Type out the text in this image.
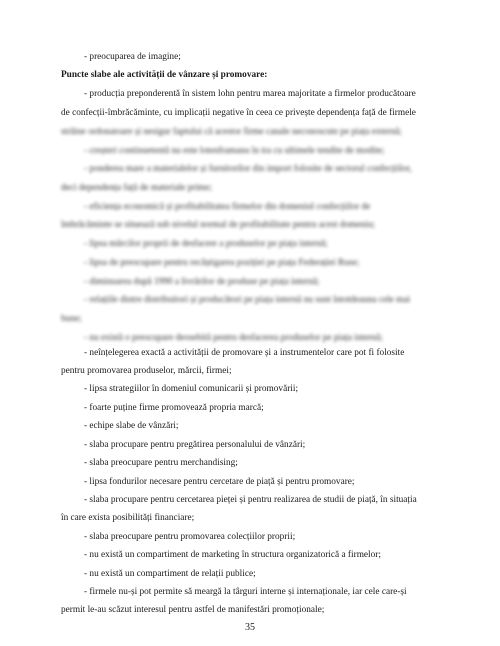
- preocuparea de imagine;
Puncte slabe ale activității de vânzare și promovare:
- producția preponderentă în sistem lohn pentru marea majoritate a firmelor producătoare
de confecții-îmbrăcăminte, cu implicații negative în ceea ce privește dependența față de firmele
străine ordonatoare și nesigur faptului că acestor firme canale neconoscute pe piața externă;
- creșteri continuetentă nu este lotenframanu în tra cu ultimele tendite de modite;
- ponderea mare a materialelor și furnitorilor din import folosite de sectorul confecțiilor,
deci dependența față de materiale prime;
- eficiența economică și profitabilitatea firmelor din domeniul confecțiilor de
îmbrăcăminte se situează sub nivelul normal de profitabilitate pentru acest domeniu;
- lipsa mărcilor proprii de desfacere a produselor pe piața internă;
- lipsa de preocupare pentru recâștigarea poziției pe piața Federației Ruse;
- diminuarea după 1990 a livrărilor de produse pe piața internă;
- relațiile dintre distribuitori și producători pe piața internă nu sunt întotdeauna cele mai
bune;
- nu există o preocupare deosebită pentru desfacerea produselor pe piața internă;
- neînțelegerea exactă a activității de promovare și a instrumentelor care pot fi folosite
pentru promovarea produselor, mărcii, firmei;
- lipsa strategiilor în domeniul comunicarii și promovării;
- foarte puține firme promovează propria marcă;
- echipe slabe de vânzări;
- slaba procupare pentru pregătirea personalului de vânzări;
- slaba preocupare pentru merchandising;
- lipsa fondurilor necesare pentru cercetare de piață și pentru promovare;
- slaba procupare pentru cercetarea pieței și pentru realizarea de studii de piață, în situația
în care exista posibilități financiare;
- slaba preocupare pentru promovarea colecțiilor proprii;
- nu există un compartiment de marketing în structura organizatorică a firmelor;
- nu există un compartiment de relații publice;
- firmele nu-și pot permite să meargă la târguri interne și internaționale, iar cele care-și
permit le-au scăzut interesul pentru astfel de manifestări promoționale;
35
